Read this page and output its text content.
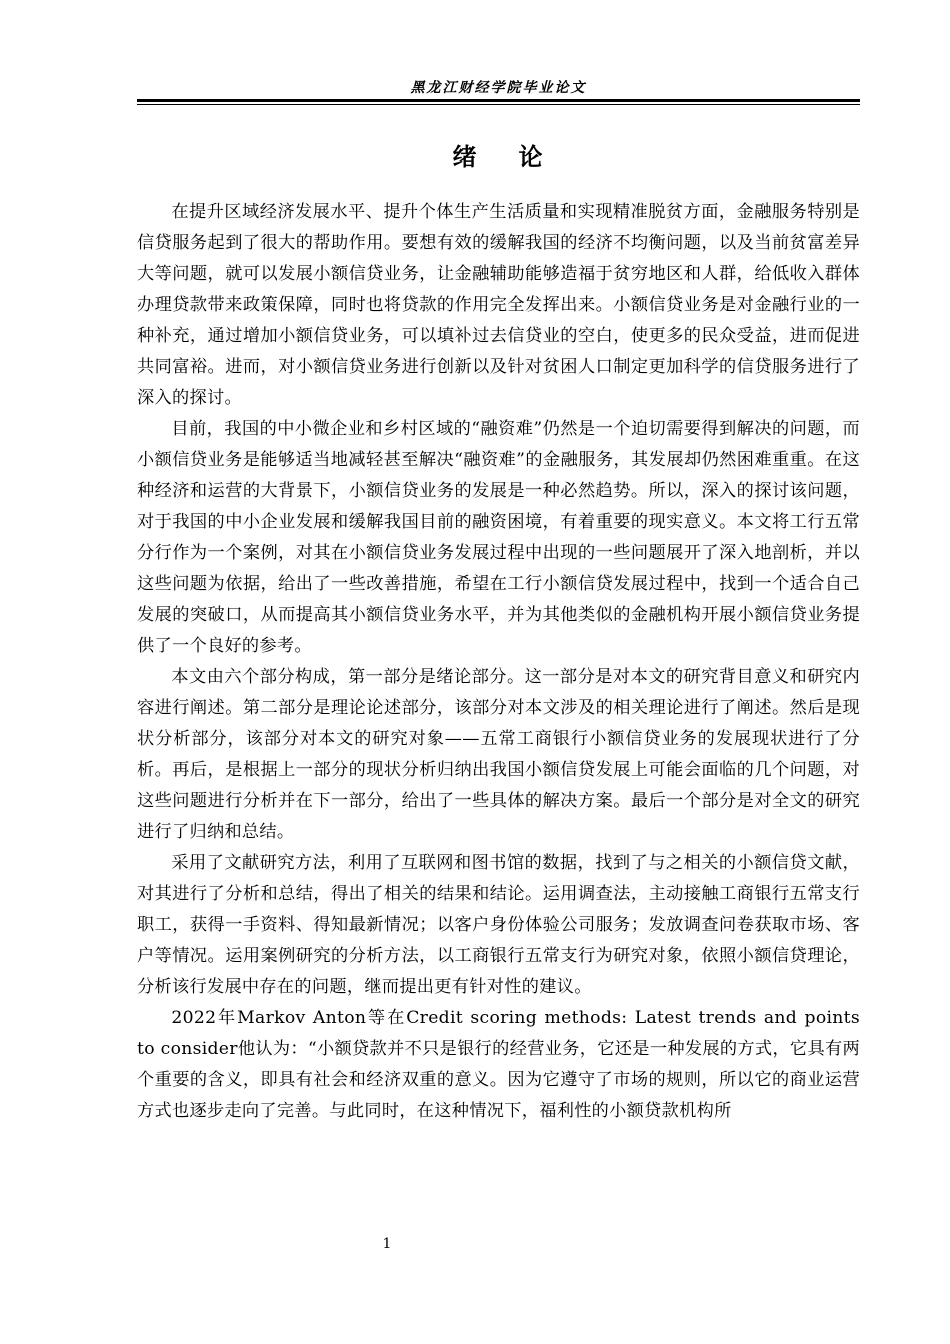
黑龙江财经学院毕业论文
绪 论

在提升区域经济发展水平、提升个体生产生活质量和实现精准脱贫方面，金融服务特别是信贷服务起到了很大的帮助作用。要想有效的缓解我国的经济不均衡问题，以及当前贫富差异大等问题，就可以发展小额信贷业务，让金融辅助能够造福于贫穷地区和人群，给低收入群体办理贷款带来政策保障，同时也将贷款的作用完全发挥出来。小额信贷业务是对金融行业的一种补充，通过增加小额信贷业务，可以填补过去信贷业的空白，使更多的民众受益，进而促进共同富裕。进而，对小额信贷业务进行创新以及针对贫困人口制定更加科学的信贷服务进行了深入的探讨。

目前，我国的中小微企业和乡村区域的“融资难”仍然是一个迫切需要得到解决的问题，而小额信贷业务是能够适当地减轻甚至解决“融资难”的金融服务，其发展却仍然困难重重。在这种经济和运营的大背景下，小额信贷业务的发展是一种必然趋势。所以，深入的探讨该问题，对于我国的中小企业发展和缓解我国目前的融资困境，有着重要的现实意义。本文将工行五常分行作为一个案例，对其在小额信贷业务发展过程中出现的一些问题展开了深入地剖析，并以这些问题为依据，给出了一些改善措施，希望在工行小额信贷发展过程中，找到一个适合自己发展的突破口，从而提高其小额信贷业务水平，并为其他类似的金融机构开展小额信贷业务提供了一个良好的参考。

本文由六个部分构成，第一部分是绪论部分。这一部分是对本文的研究背目意义和研究内容进行阐述。第二部分是理论论述部分，该部分对本文涉及的相关理论进行了阐述。然后是现状分析部分，该部分对本文的研究对象——五常工商银行小额信贷业务的发展现状进行了分析。再后，是根据上一部分的现状分析归纳出我国小额信贷发展上可能会面临的几个问题，对这些问题进行分析并在下一部分，给出了一些具体的解决方案。最后一个部分是对全文的研究进行了归纳和总结。

采用了文献研究方法，利用了互联网和图书馆的数据，找到了与之相关的小额信贷文献，对其进行了分析和总结，得出了相关的结果和结论。运用调查法，主动接触工商银行五常支行职工，获得一手资料、得知最新情况；以客户身份体验公司服务；发放调查问卷获取市场、客户等情况。运用案例研究的分析方法，以工商银行五常支行为研究对象，依照小额信贷理论，分析该行发展中存在的问题，继而提出更有针对性的建议。

2022年Markov Anton等在Credit scoring methods: Latest trends and points to consider他认为：“小额贷款并不只是银行的经营业务，它还是一种发展的方式，它具有两个重要的含义，即具有社会和经济双重的意义。因为它遵守了市场的规则，所以它的商业运营方式也逐步走向了完善。与此同时，在这种情况下，福利性的小额贷款机构所

1
